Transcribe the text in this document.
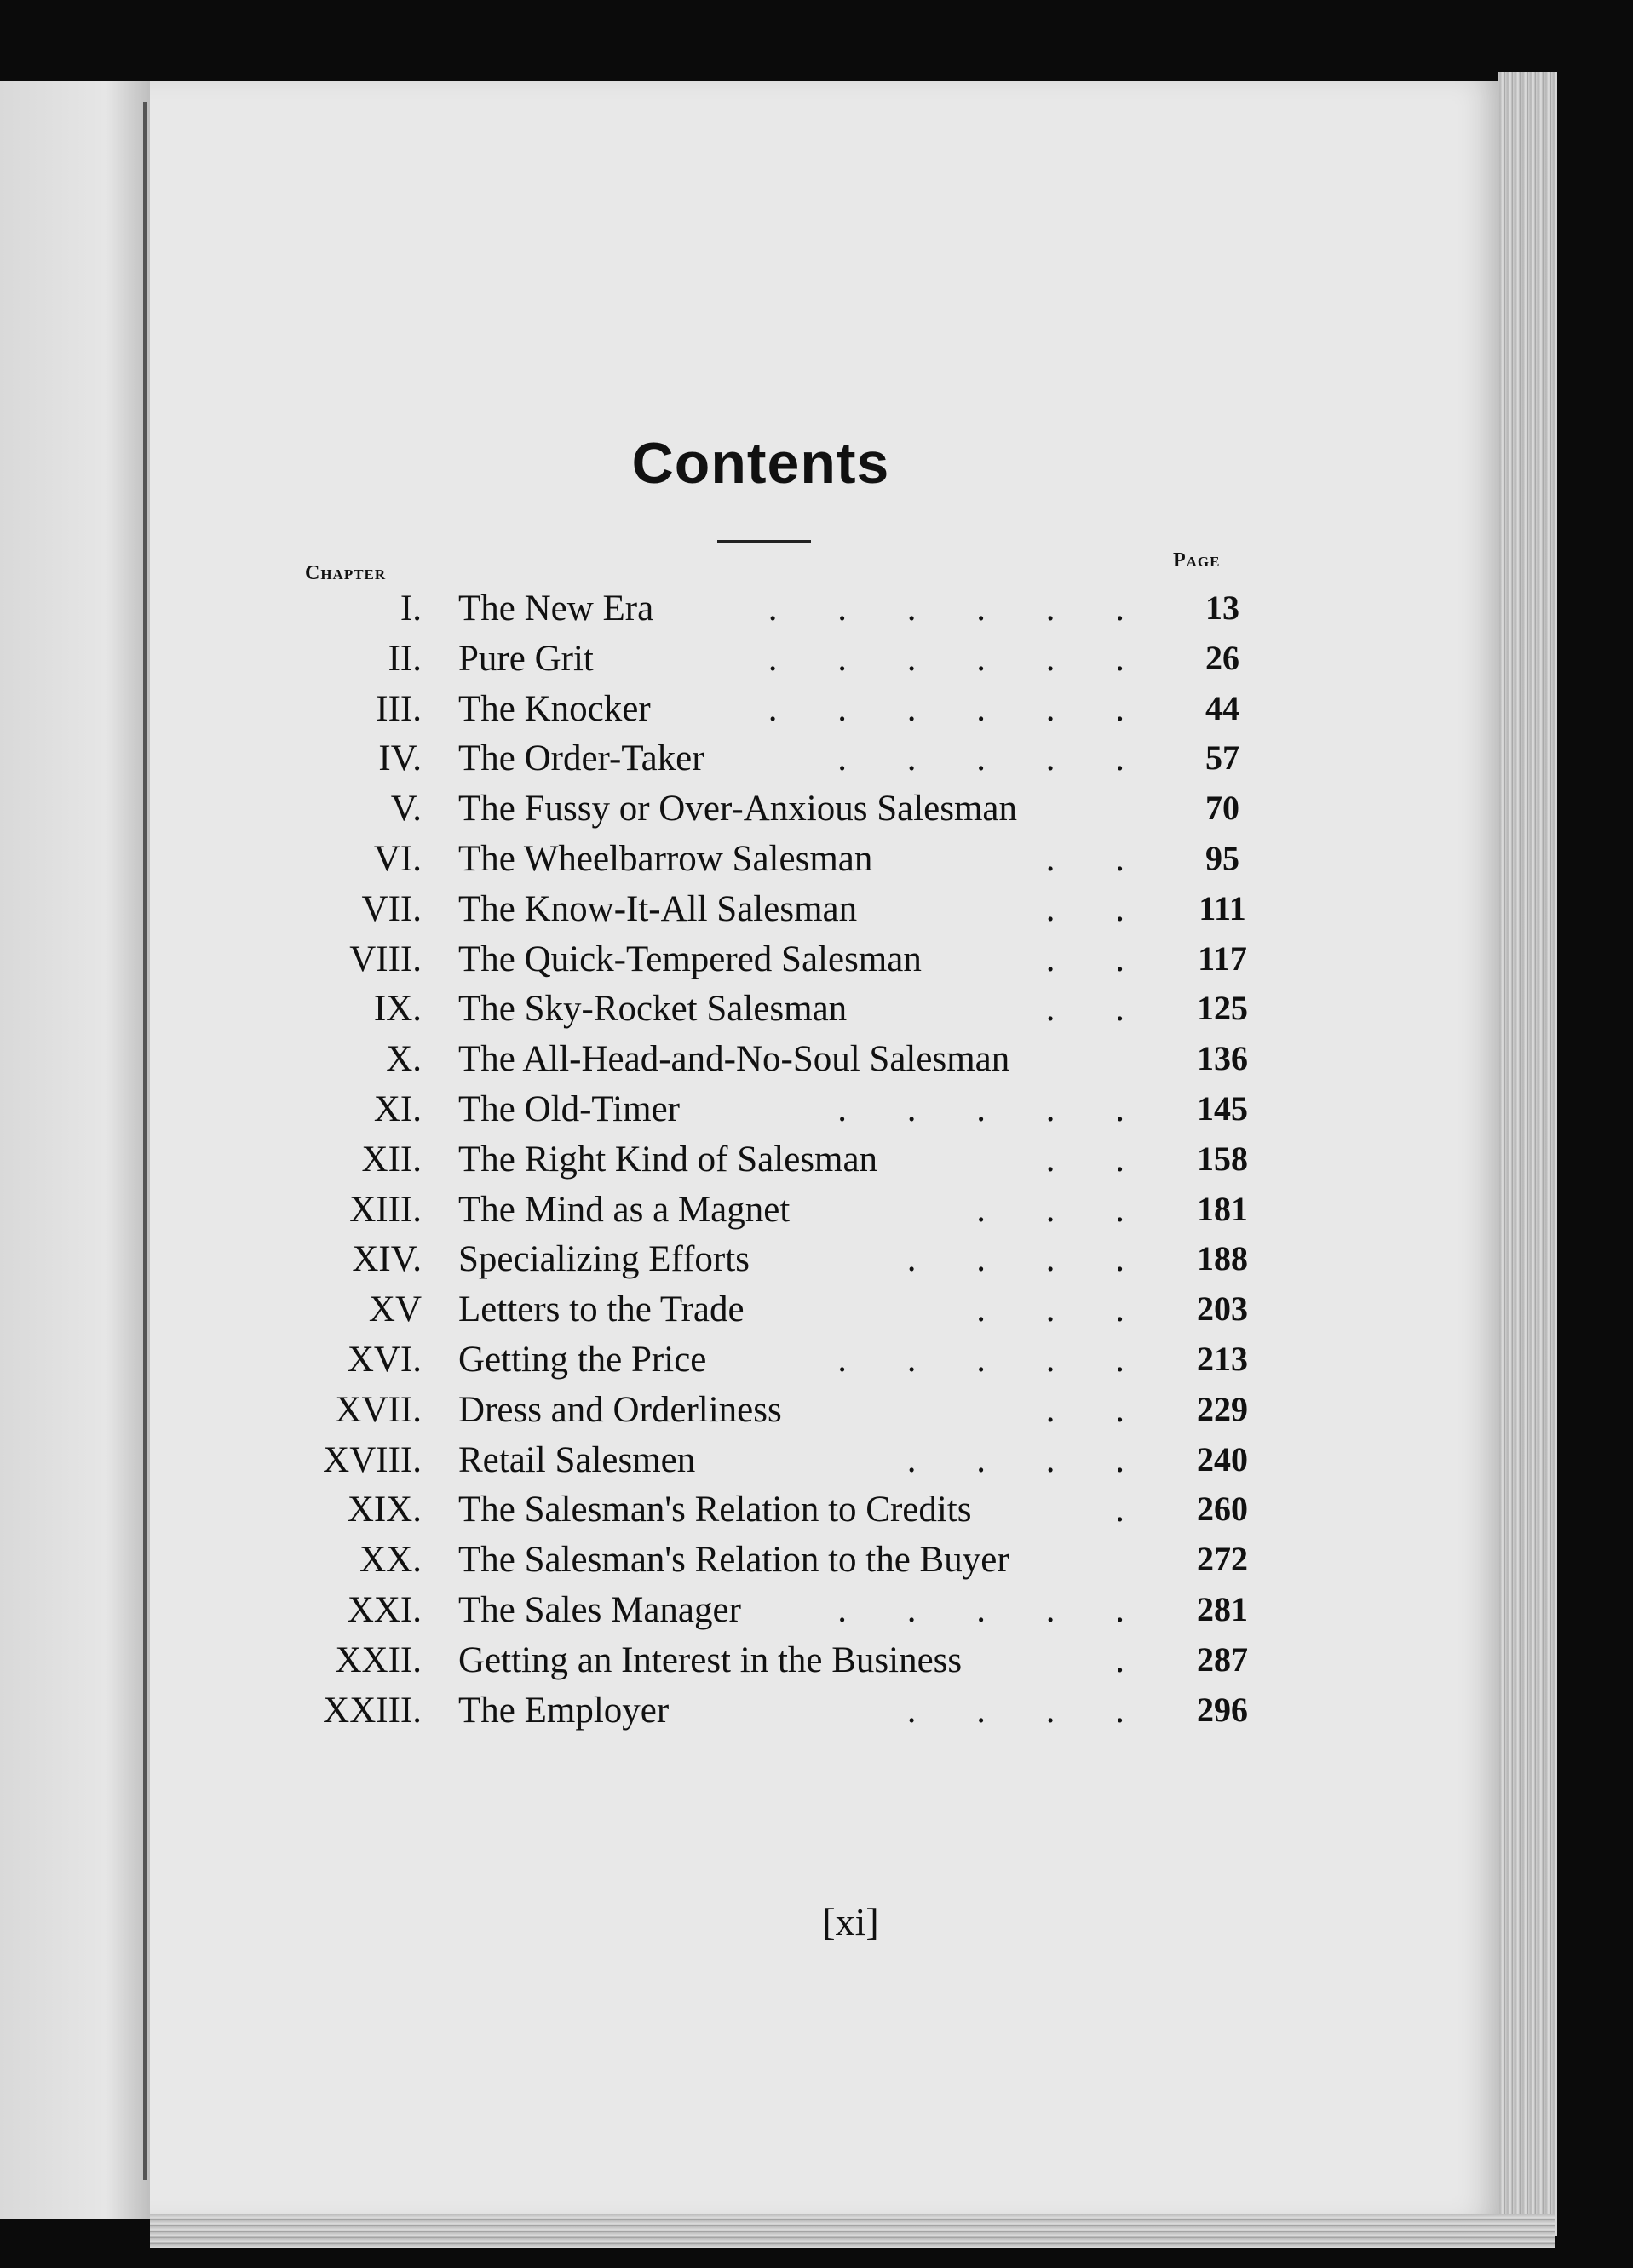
Contents
Chapter
Page
I. The New Era	. . . . . .	13
II. Pure Grit	. . . . . .	26
III. The Knocker	. . . . . .	44
IV. The Order-Taker	. . . . .	57
V. The Fussy or Over-Anxious Salesman	70
VI. The Wheelbarrow Salesman	. .	95
VII. The Know-It-All Salesman	. .	111
VIII. The Quick-Tempered Salesman	. .	117
IX. The Sky-Rocket Salesman	. .	125
X. The All-Head-and-No-Soul Salesman	136
XI. The Old-Timer	. . . . .	145
XII. The Right Kind of Salesman	. .	158
XIII. The Mind as a Magnet	. . .	181
XIV. Specializing Efforts	. . . .	188
XV Letters to the Trade	. . .	203
XVI. Getting the Price	. . . . .	213
XVII. Dress and Orderliness	. .	229
XVIII. Retail Salesmen	. . . .	240
XIX. The Salesman's Relation to Credits	.	260
XX. The Salesman's Relation to the Buyer	272
XXI. The Sales Manager	. . . . .	281
XXII. Getting an Interest in the Business	.	287
XXIII. The Employer	. . . .	296
[xi]
